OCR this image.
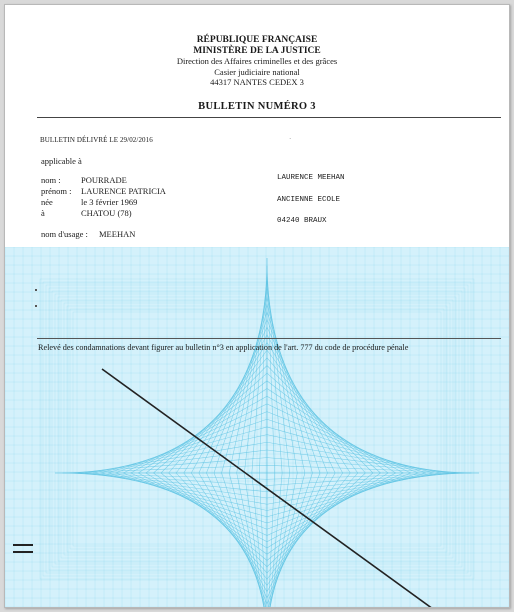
RÉPUBLIQUE FRANÇAISE
MINISTÈRE DE LA JUSTICE
Direction des Affaires criminelles et des grâces
Casier judiciaire national
44317 NANTES CEDEX 3
BULLETIN NUMÉRO 3
BULLETIN DÉLIVRÉ LE 29/02/2016	·
applicable à
nom : POURRADE
prénom : LAURENCE PATRICIA
née	le 3 février 1969
à	CHATOU (78)
nom d'usage : MEEHAN
LAURENCE MEEHAN
ANCIENNE ECOLE
04240 BRAUX
Relevé des condamnations devant figurer au bulletin n°3 en application de l'art. 777 du code de procédure pénale
